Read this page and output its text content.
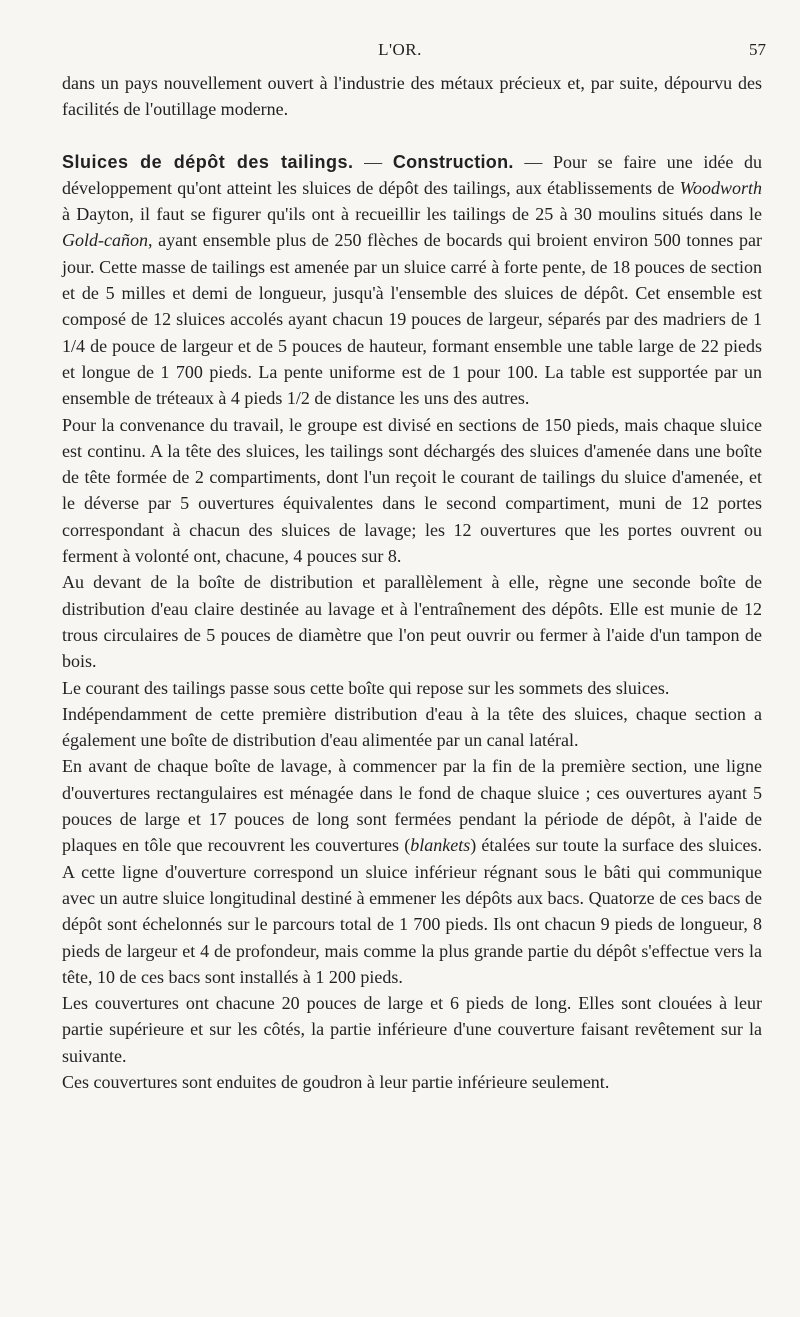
L'OR.	57

dans un pays nouvellement ouvert à l'industrie des métaux précieux et, par suite, dépourvu des facilités de l'outillage moderne.

Sluices de dépôt des tailings. — Construction. — Pour se faire une idée du développement qu'ont atteint les sluices de dépôt des tailings, aux établissements de Woodworth à Dayton, il faut se figurer qu'ils ont à recueillir les tailings de 25 à 30 moulins situés dans le Gold-cañon, ayant ensemble plus de 250 flèches de bocards qui broient environ 500 tonnes par jour. Cette masse de tailings est amenée par un sluice carré à forte pente, de 18 pouces de section et de 5 milles et demi de longueur, jusqu'à l'ensemble des sluices de dépôt. Cet ensemble est composé de 12 sluices accolés ayant chacun 19 pouces de largeur, séparés par des madriers de 1 1/4 de pouce de largeur et de 5 pouces de hauteur, formant ensemble une table large de 22 pieds et longue de 1 700 pieds. La pente uniforme est de 1 pour 100. La table est supportée par un ensemble de tréteaux à 4 pieds 1/2 de distance les uns des autres.

Pour la convenance du travail, le groupe est divisé en sections de 150 pieds, mais chaque sluice est continu. A la tête des sluices, les tailings sont déchargés des sluices d'amenée dans une boîte de tête formée de 2 compartiments, dont l'un reçoit le courant de tailings du sluice d'amenée, et le déverse par 5 ouvertures équivalentes dans le second compartiment, muni de 12 portes correspondant à chacun des sluices de lavage; les 12 ouvertures que les portes ouvrent ou ferment à volonté ont, chacune, 4 pouces sur 8.

Au devant de la boîte de distribution et parallèlement à elle, règne une seconde boîte de distribution d'eau claire destinée au lavage et à l'entraînement des dépôts. Elle est munie de 12 trous circulaires de 5 pouces de diamètre que l'on peut ouvrir ou fermer à l'aide d'un tampon de bois.

Le courant des tailings passe sous cette boîte qui repose sur les sommets des sluices.

Indépendamment de cette première distribution d'eau à la tête des sluices, chaque section a également une boîte de distribution d'eau alimentée par un canal latéral.

En avant de chaque boîte de lavage, à commencer par la fin de la première section, une ligne d'ouvertures rectangulaires est ménagée dans le fond de chaque sluice ; ces ouvertures ayant 5 pouces de large et 17 pouces de long sont fermées pendant la période de dépôt, à l'aide de plaques en tôle que recouvrent les couvertures (blankets) étalées sur toute la surface des sluices. A cette ligne d'ouverture correspond un sluice inférieur régnant sous le bâti qui communique avec un autre sluice longitudinal destiné à emmener les dépôts aux bacs. Quatorze de ces bacs de dépôt sont échelonnés sur le parcours total de 1 700 pieds. Ils ont chacun 9 pieds de longueur, 8 pieds de largeur et 4 de profondeur, mais comme la plus grande partie du dépôt s'effectue vers la tête, 10 de ces bacs sont installés à 1 200 pieds.

Les couvertures ont chacune 20 pouces de large et 6 pieds de long. Elles sont clouées à leur partie supérieure et sur les côtés, la partie inférieure d'une couverture faisant revêtement sur la suivante.

Ces couvertures sont enduites de goudron à leur partie inférieure seulement.
